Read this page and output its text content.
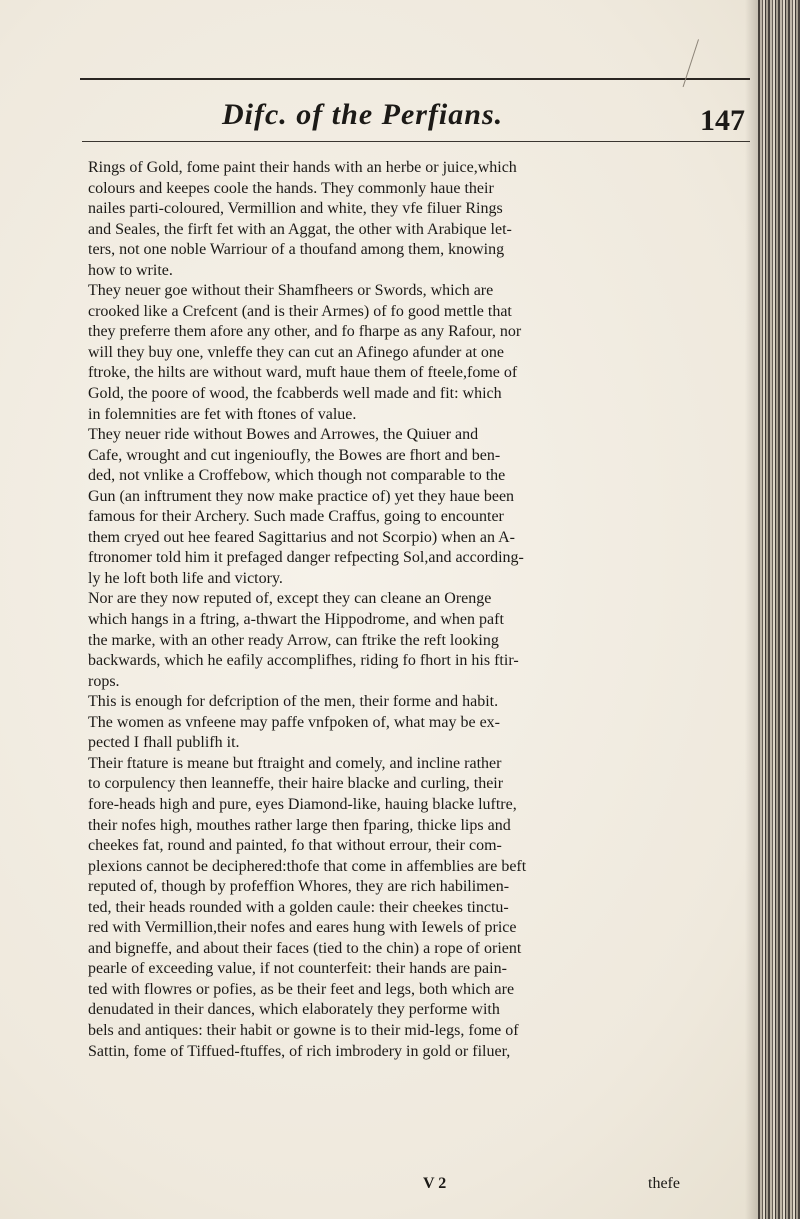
Difc. of the Perfians.	147
Rings of Gold, fome paint their hands with an herbe or juice,which
colours and keepes coole the hands. They commonly haue their
nailes parti-coloured, Vermillion and white, they vfe filuer Rings
and Seales, the firft fet with an Aggat, the other with Arabique let-
ters, not one noble Warriour of a thoufand among them, knowing
how to write.
They neuer goe without their Shamfheers or Swords, which are
crooked like a Crefcent (and is their Armes) of fo good mettle that
they preferre them afore any other, and fo fharpe as any Rafour, nor
will they buy one, vnleffe they can cut an Afinego afunder at one
ftroke, the hilts are without ward, muft haue them of fteele,fome of
Gold, the poore of wood, the fcabberds well made and fit: which
in folemnities are fet with ftones of value.
They neuer ride without Bowes and Arrowes, the Quiuer and
Cafe, wrought and cut ingenioufly, the Bowes are fhort and ben-
ded, not vnlike a Croffebow, which though not comparable to the
Gun (an inftrument they now make practice of) yet they haue been
famous for their Archery. Such made Craffus, going to encounter
them cryed out hee feared Sagittarius and not Scorpio) when an A-
ftronomer told him it prefaged danger refpecting Sol,and according-
ly he loft both life and victory.
Nor are they now reputed of, except they can cleane an Orenge
which hangs in a ftring, a-thwart the Hippodrome, and when paft
the marke, with an other ready Arrow, can ftrike the reft looking
backwards, which he eafily accomplifhes, riding fo fhort in his ftir-
rops.
This is enough for defcription of the men, their forme and habit.
The women as vnfeene may paffe vnfpoken of, what may be ex-
pected I fhall publifh it.
Their ftature is meane but ftraight and comely, and incline rather
to corpulency then leanneffe, their haire blacke and curling, their
fore-heads high and pure, eyes Diamond-like, hauing blacke luftre,
their nofes high, mouthes rather large then fparing, thicke lips and
cheekes fat, round and painted, fo that without errour, their com-
plexions cannot be deciphered:thofe that come in affemblies are beft
reputed of, though by profeffion Whores, they are rich habilimen-
ted, their heads rounded with a golden caule: their cheekes tinctu-
red with Vermillion,their nofes and eares hung with Iewels of price
and bigneffe, and about their faces (tied to the chin) a rope of orient
pearle of exceeding value, if not counterfeit: their hands are pain-
ted with flowres or pofies, as be their feet and legs, both which are
denudated in their dances, which elaborately they performe with
bels and antiques: their habit or gowne is to their mid-legs, fome of
Sattin, fome of Tiffued-ftuffes, of rich imbrodery in gold or filuer,
V 2	thefe
